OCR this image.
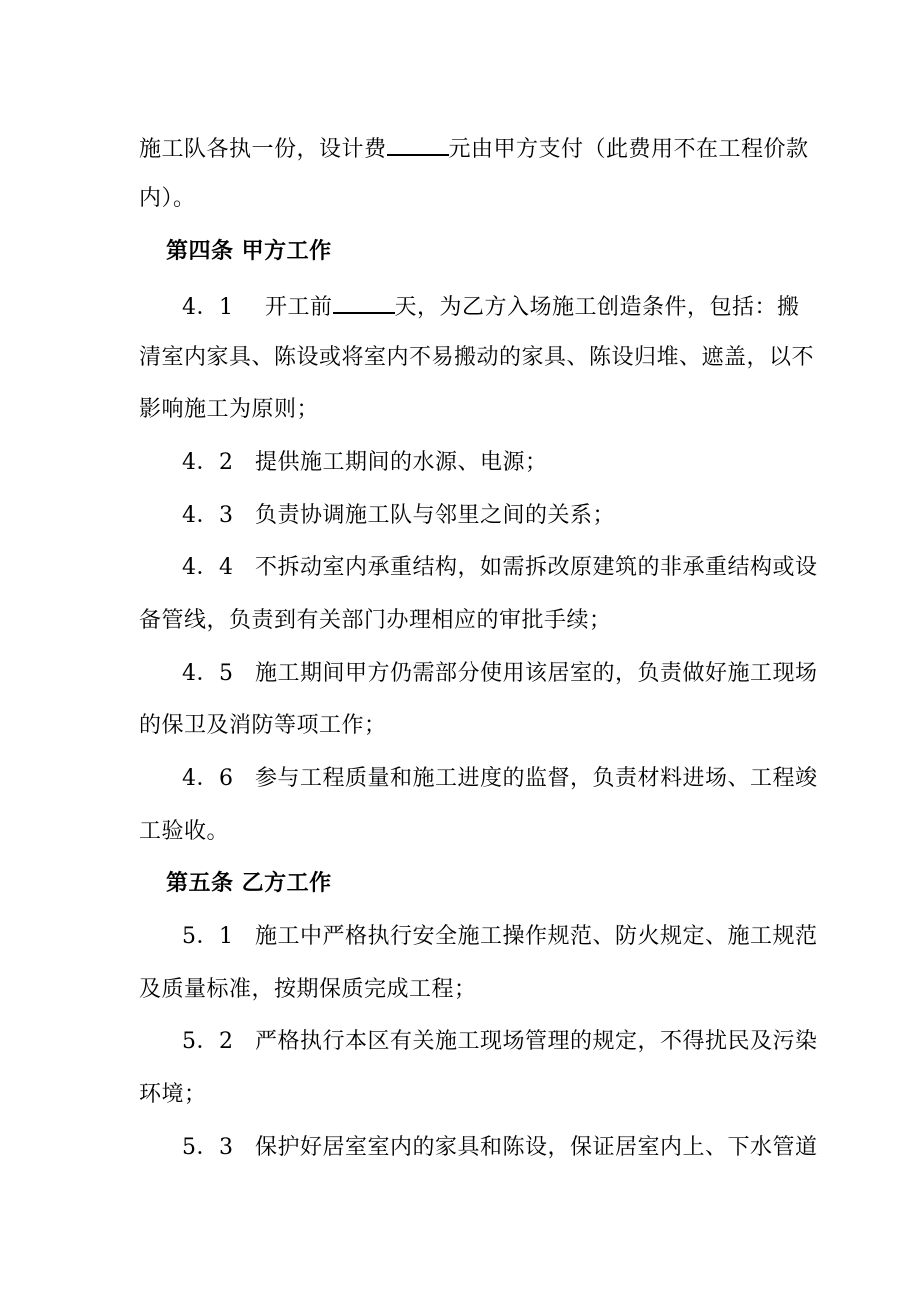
施工队各执一份，设计费	元由甲方支付（此费用不在工程价款
内）。
第四条 甲方工作
4．1 开工前	天，为乙方入场施工创造条件，包括：搬
清室内家具、陈设或将室内不易搬动的家具、陈设归堆、遮盖，以不
影响施工为原则；
4．2 提供施工期间的水源、电源；
4．3 负责协调施工队与邻里之间的关系；
4．4 不拆动室内承重结构，如需拆改原建筑的非承重结构或设
备管线，负责到有关部门办理相应的审批手续；
4．5 施工期间甲方仍需部分使用该居室的，负责做好施工现场
的保卫及消防等项工作；
4．6 参与工程质量和施工进度的监督，负责材料进场、工程竣
工验收。
第五条 乙方工作
5．1 施工中严格执行安全施工操作规范、防火规定、施工规范
及质量标准，按期保质完成工程；
5．2 严格执行本区有关施工现场管理的规定，不得扰民及污染
环境；
5．3 保护好居室室内的家具和陈设，保证居室内上、下水管道
